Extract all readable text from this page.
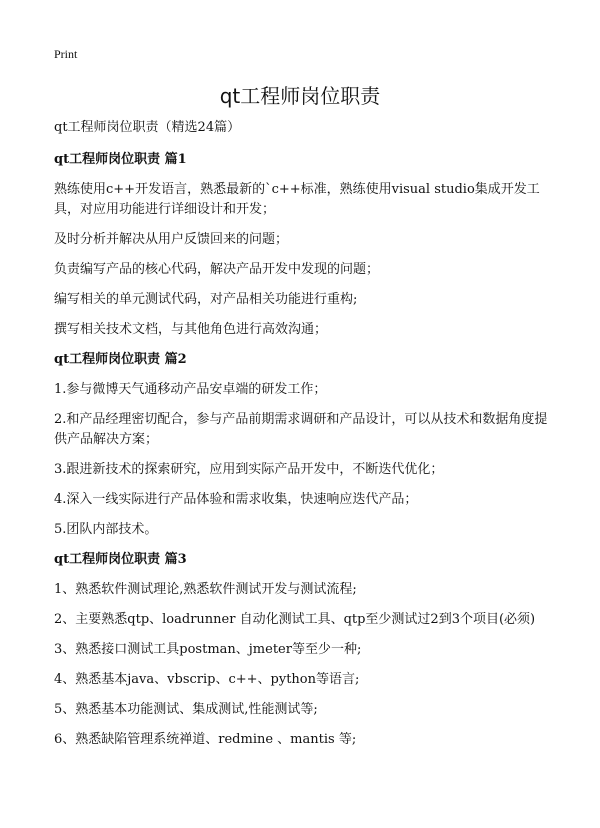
Print
qt工程师岗位职责

qt工程师岗位职责（精选24篇）

qt工程师岗位职责 篇1

熟练使用c++开发语言，熟悉最新的`c++标准，熟练使用visual studio集成开发工具，对应用功能进行详细设计和开发；

及时分析并解决从用户反馈回来的问题；

负责编写产品的核心代码，解决产品开发中发现的问题；

编写相关的单元测试代码，对产品相关功能进行重构;

撰写相关技术文档，与其他角色进行高效沟通；

qt工程师岗位职责 篇2

1.参与微博天气通移动产品安卓端的研发工作；

2.和产品经理密切配合，参与产品前期需求调研和产品设计，可以从技术和数据角度提供产品解决方案；

3.跟进新技术的探索研究，应用到实际产品开发中，不断迭代优化；

4.深入一线实际进行产品体验和需求收集，快速响应迭代产品；

5.团队内部技术。

qt工程师岗位职责 篇3

1、熟悉软件测试理论,熟悉软件测试开发与测试流程;

2、主要熟悉qtp、loadrunner 自动化测试工具、qtp至少测试过2到3个项目(必须)

3、熟悉接口测试工具postman、jmeter等至少一种;

4、熟悉基本java、vbscrip、c++、python等语言;

5、熟悉基本功能测试、集成测试,性能测试等;

6、熟悉缺陷管理系统禅道、redmine 、mantis 等;
